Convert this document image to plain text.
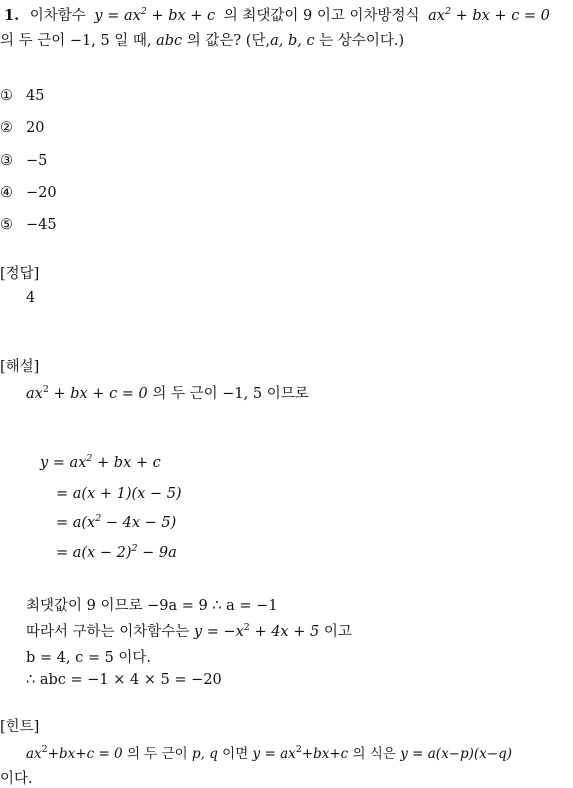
1. 이차함수 $y = ax^2$ + bx + c 의 최댓값이 9 이고 이차방정식 $ax^2$ + bx + c = 0
의 두 근이 −1, 5 일 때, abc 의 값은? (단,a, b, c 는 상수이다.)
① 45
② 20
③ −5
④ −20
⑤ −45
[정답]
4
[해설]
$ax^2$ + bx + c = 0 의 두 근이 −1, 5 이므로
$y = ax^2$ + bx + c
= a(x + 1)(x − 5)
= $a(x^2 - 4x - 5)$
= $a(x - 2)^2 - 9a$
최댓값이 9 이므로 −9a = 9 ∴ a = −1
따라서 구하는 이차함수는 $y = -x^2 + 4x + 5$ 이고
b = 4, c = 5 이다.
∴ abc = −1 × 4 × 5 = −20
[힌트]
$ax^2+bx+c = 0$ 의 두 근이 p, q 이면 $y = ax^2+bx+c$ 의 식은 y = a(x−p)(x−q)
이다.
